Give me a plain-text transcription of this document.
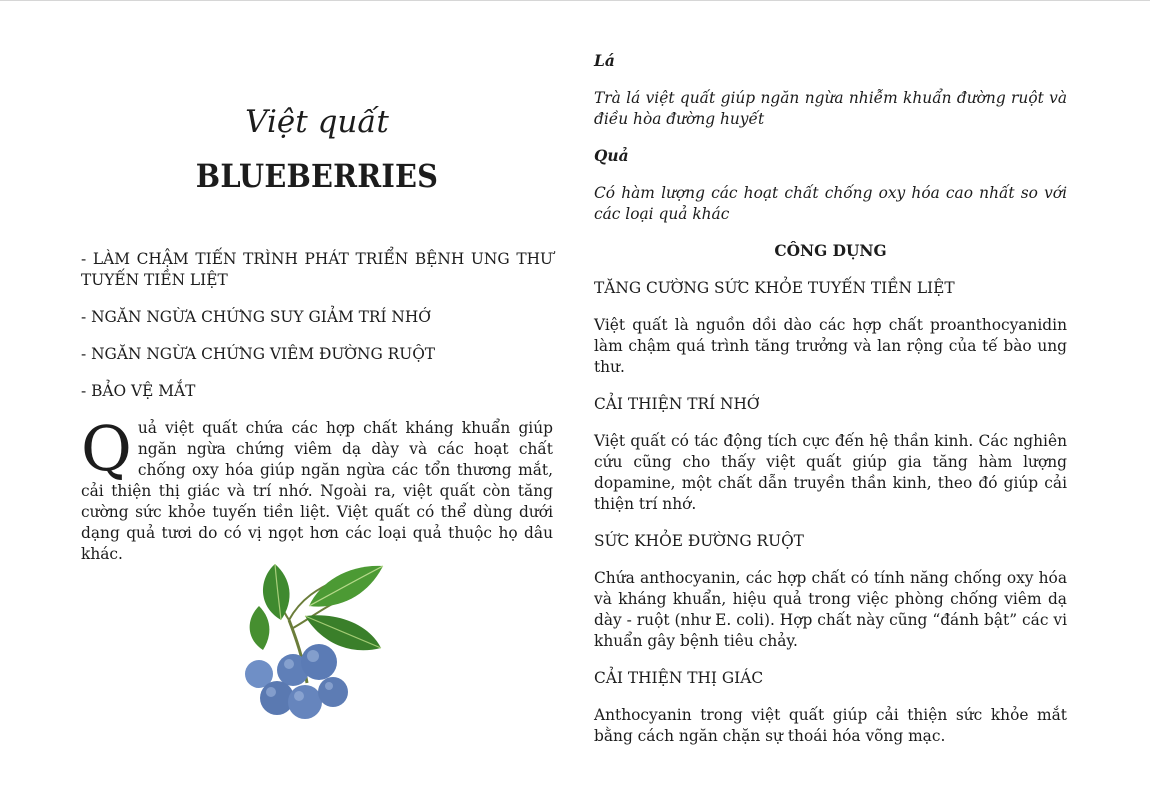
Việt quất
BLUEBERRIES

- LÀM CHẬM TIẾN TRÌNH PHÁT TRIỂN BỆNH UNG THƯ TUYẾN TIỀN LIỆT

- NGĂN NGỪA CHỨNG SUY GIẢM TRÍ NHỚ

- NGĂN NGỪA CHỨNG VIÊM ĐƯỜNG RUỘT

- BẢO VỆ MẮT

Quả việt quất chứa các hợp chất kháng khuẩn giúp ngăn ngừa chứng viêm dạ dày và các hoạt chất chống oxy hóa giúp ngăn ngừa các tổn thương mắt, cải thiện thị giác và trí nhớ. Ngoài ra, việt quất còn tăng cường sức khỏe tuyến tiền liệt. Việt quất có thể dùng dưới dạng quả tươi do có vị ngọt hơn các loại quả thuộc họ dâu khác.
Lá
Trà lá việt quất giúp ngăn ngừa nhiễm khuẩn đường ruột và điều hòa đường huyết
Quả
Có hàm lượng các hoạt chất chống oxy hóa cao nhất so với các loại quả khác
CÔNG DỤNG
TĂNG CƯỜNG SỨC KHỎE TUYẾN TIỀN LIỆT
Việt quất là nguồn dồi dào các hợp chất proanthocyanidin làm chậm quá trình tăng trưởng và lan rộng của tế bào ung thư.
CẢI THIỆN TRÍ NHỚ
Việt quất có tác động tích cực đến hệ thần kinh. Các nghiên cứu cũng cho thấy việt quất giúp gia tăng hàm lượng dopamine, một chất dẫn truyền thần kinh, theo đó giúp cải thiện trí nhớ.
SỨC KHỎE ĐƯỜNG RUỘT
Chứa anthocyanin, các hợp chất có tính năng chống oxy hóa và kháng khuẩn, hiệu quả trong việc phòng chống viêm dạ dày - ruột (như E. coli). Hợp chất này cũng “đánh bật” các vi khuẩn gây bệnh tiêu chảy.
CẢI THIỆN THỊ GIÁC
Anthocyanin trong việt quất giúp cải thiện sức khỏe mắt bằng cách ngăn chặn sự thoái hóa võng mạc.
